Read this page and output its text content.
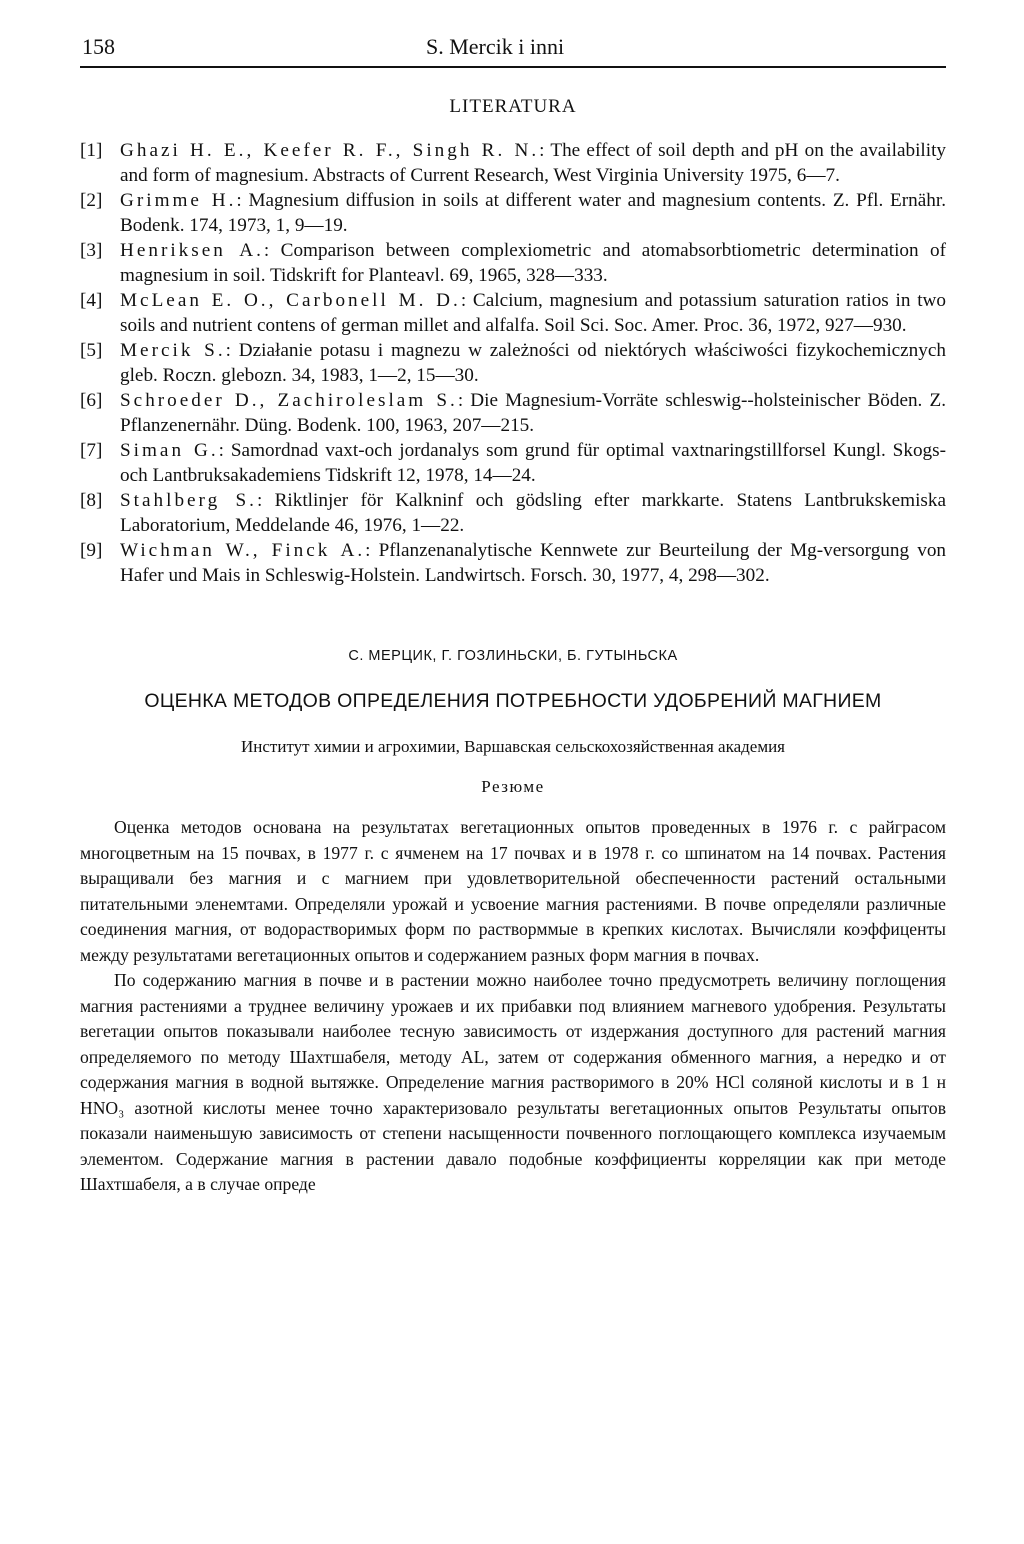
158	S. Mercik i inni
LITERATURA
[1] Ghazi H. E., Keefer R. F., Singh R. N.: The effect of soil depth and pH on the availability and form of magnesium. Abstracts of Current Research, West Virginia University 1975, 6—7.
[2] Grimme H.: Magnesium diffusion in soils at different water and magnesium contents. Z. Pfl. Ernähr. Bodenk. 174, 1973, 1, 9—19.
[3] Henriksen A.: Comparison between complexiometric and atomabsorbtiometric determination of magnesium in soil. Tidskrift for Planteavl. 69, 1965, 328—333.
[4] McLean E. O., Carbonell M. D.: Calcium, magnesium and potassium saturation ratios in two soils and nutrient contens of german millet and alfalfa. Soil Sci. Soc. Amer. Proc. 36, 1972, 927—930.
[5] Mercik S.: Działanie potasu i magnezu w zależności od niektórych właściwości fizykochemicznych gleb. Roczn. glebozn. 34, 1983, 1—2, 15—30.
[6] Schroeder D., Zachirolеslam S.: Die Magnesium-Vorräte schleswig--holsteinischer Böden. Z. Pflanzenernähr. Düng. Bodenk. 100, 1963, 207—215.
[7] Siman G.: Samordnad vaxt-och jordanalys som grund für optimal vaxtnaringstillforsel Kungl. Skogs-och Lantbruksakademiens Tidskrift 12, 1978, 14—24.
[8] Stahlberg S.: Riktlinjer för Kalkninf och gödsling efter markkarte. Statens Lantbrukskemiska Laboratorium, Meddelande 46, 1976, 1—22.
[9] Wichman W., Finck A.: Pflanzenanalytische Kennwete zur Beurteilung der Mg-versorgung von Hafer und Mais in Schleswig-Holstein. Landwirtsch. Forsch. 30, 1977, 4, 298—302.
С. МЕРЦИК, Г. ГОЗЛИНЬСКИ, Б. ГУТЫНЬСКА
ОЦЕНКА МЕТОДОВ ОПРЕДЕЛЕНИЯ ПОТРЕБНОСТИ УДОБРЕНИЙ МАГНИЕМ
Институт химии и агрохимии, Варшавская сельскохозяйственная академия
Резюме

Оценка методов основана на результатах вегетационных опытов проведенных в 1976 г. с райграсом многоцветным на 15 почвах, в 1977 г. с ячменем на 17 почвах и в 1978 г. со шпинатом на 14 почвах. Растения выращивали без магния и с магнием при удовлетворительной обеспеченности растений остальными питательными эленемтами. Определяли урожай и усвоение магния растениями. В почве определяли различные соединения магния, от водорастворимых форм по растворммые в крепких кислотах. Вычисляли коэффиценты между результатами вегетационных опытов и содержанием разных форм магния в почвах.

По содержанию магния в почве и в растении можно наиболее точно предусмотреть величину поглощения магния растениями а труднее величину урожаев и их прибавки под влиянием магневого удобрения. Результаты вегетации опытов показывали наиболее тесную зависимость от издержания доступного для растений магния определяемого по методу Шахтшабеля, методу AL, затем от содержания обменного магния, а нередко и от содержания магния в водной вытяжке. Определение магния растворимого в 20% HCl соляной кислоты и в 1 н HNO₃ азотной кислоты менее точно характеризовало результаты вегетационных опытов Результаты опытов показали наименьшую зависимость от степени насыщенности почвенного поглощающего комплекса изучаемым элементом. Содержание магния в растении давало подобные коэффициенты корреляции как при методе Шахтшабеля, а в случае опреде
